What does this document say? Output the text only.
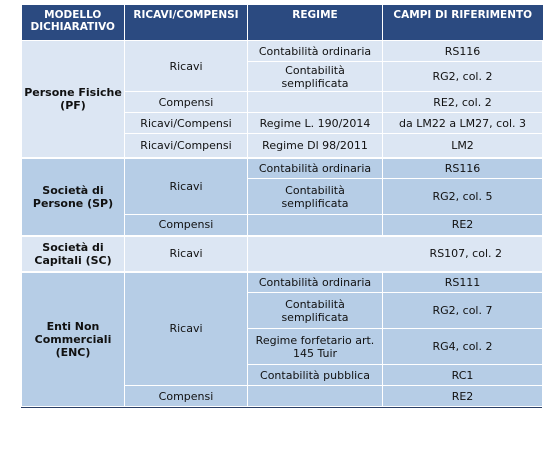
MODELLO DICHIARATIVO	RICAVI/COMPENSI	REGIME	CAMPI DI RIFERIMENTO
Persone Fisiche (PF)	Ricavi	Contabilità ordinaria	RS116
		Contabilità semplificata	RG2, col. 2
	Compensi		RE2, col. 2
	Ricavi/Compensi	Regime L. 190/2014	da LM22 a LM27, col. 3
	Ricavi/Compensi	Regime Dl 98/2011	LM2
Società di Persone (SP)	Ricavi	Contabilità ordinaria	RS116
		Contabilità semplificata	RG2, col. 5
	Compensi		RE2
Società di Capitali (SC)	Ricavi	RS107, col. 2	
Enti Non Commerciali (ENC)	Ricavi	Contabilità ordinaria	RS111
		Contabilità semplificata	RG2, col. 7
		Regime forfetario art. 145 Tuir	RG4, col. 2
		Contabilità pubblica	RC1
	Compensi		RE2
